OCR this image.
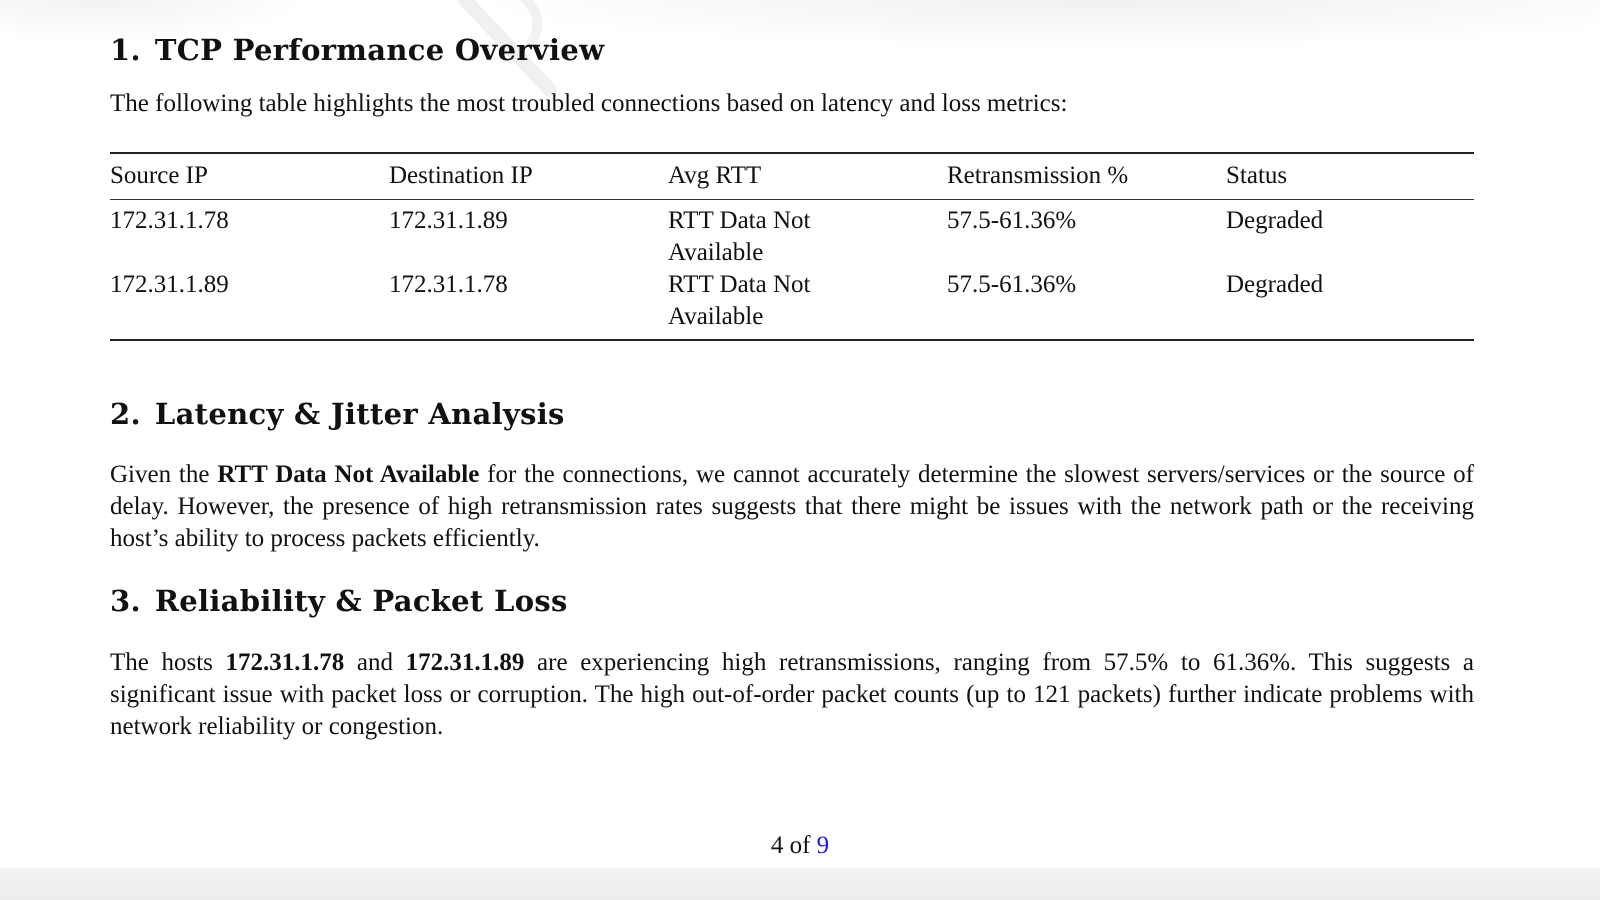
1. TCP Performance Overview

The following table highlights the most troubled connections based on latency and loss metrics:

Source IP	Destination IP	Avg RTT	Retransmission %	Status
172.31.1.78	172.31.1.89	RTT Data Not Available	57.5-61.36%	Degraded
172.31.1.89	172.31.1.78	RTT Data Not Available	57.5-61.36%	Degraded
2. Latency & Jitter Analysis

Given the RTT Data Not Available for the connections, we cannot accurately determine the slowest servers/services or the source of delay. However, the presence of high retransmission rates suggests that there might be issues with the network path or the receiving host’s ability to process packets efficiently.

3. Reliability & Packet Loss

The hosts 172.31.1.78 and 172.31.1.89 are experiencing high retransmissions, ranging from 57.5% to 61.36%. This suggests a significant issue with packet loss or corruption. The high out-of-order packet counts (up to 121 packets) further indicate problems with network reliability or congestion.

4 of 9
